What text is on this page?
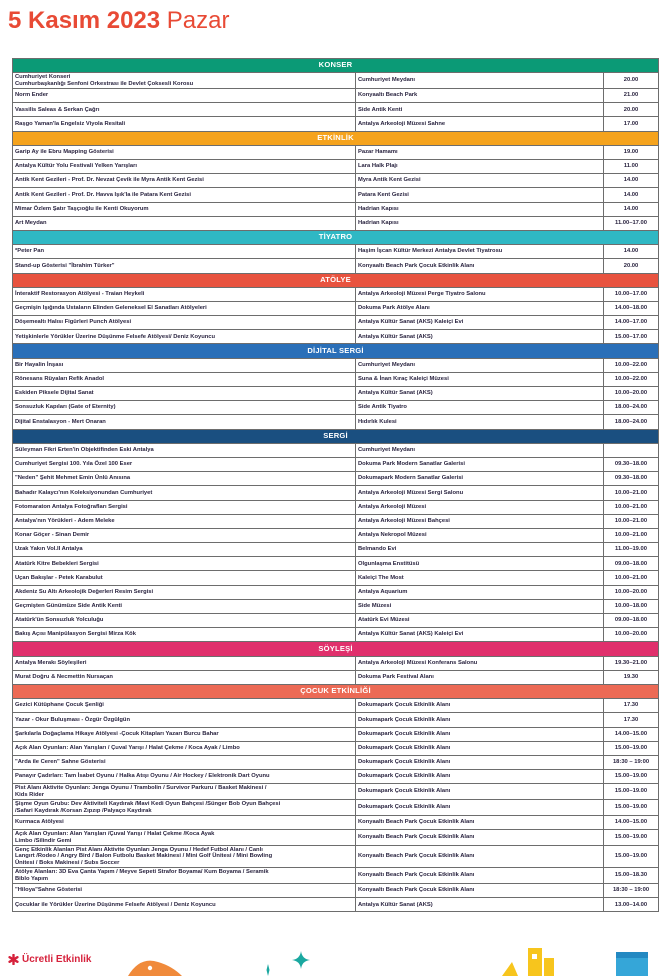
5 Kasım 2023 Pazar
KONSER		

Cumhuriyet Konseri
Cumhurbaşkanlığı Senfoni Orkestrası ile Devlet Çoksesli Korosu	Cumhuriyet Meydanı	20.00

Norm Ender	Konyaaltı Beach Park	21.00

Vassilis Saleas & Serkan Çağrı	Side Antik Kenti	20.00

Rașgo Yaman'la Engelsiz Viyola Resitali	Antalya Arkeoloji Müzesi Sahne	17.00
ETKİNLİK		

Garip Ay ile Ebru Mapping Gösterisi	Pazar Hamamı	19.00

Antalya Kültür Yolu Festivali Yelken Yarışları	Lara Halk Plajı	11.00

Antik Kent Gezileri - Prof. Dr. Nevzat Çevik ile Myra Antik Kent Gezisi	Myra Antik Kent Gezisi	14.00

Antik Kent Gezileri - Prof. Dr. Havva Işık'la ile Patara Kent Gezisi	Patara Kent Gezisi	14.00

Mimar Özlem Şatır Taşçıoğlu ile Kenti Okuyorum	Hadrian Kapısı	14.00

Art Meydan	Hadrian Kapısı	11.00–17.00
TİYATRO		

*Peter Pan	Haşim İşcan Kültür Merkezi Antalya Devlet Tiyatrosu	14.00

Stand-up Gösterisi "İbrahim Türker"	Konyaaltı Beach Park Çocuk Etkinlik Alanı	20.00
ATÖLYE		

İnteraktif Restorasyon Atölyesi - Traian Heykeli	Antalya Arkeoloji Müzesi Perge Tiyatro Salonu	10.00–17.00

Geçmişin Işığında Ustaların Elinden Geleneksel El Sanatları Atölyeleri	Dokuma Park Atölye Alanı	14.00–18.00

Döşemealtı Halısı Figürleri Punch Atölyesi	Antalya Kültür Sanat (AKS) Kaleiçi Evi	14.00–17.00

Yetişkinlerle Yörükler Üzerine Düşünme Felsefe Atölyesi/ Deniz Koyuncu	Antalya Kültür Sanat (AKS)	15.00–17.00
DİJİTAL SERGİ		

Bir Hayalin İnşası	Cumhuriyet Meydanı	10.00–22.00

Rönesans Rüyaları Refik Anadol	Suna & İnan Kıraç Kaleiçi Müzesi	10.00–22.00

Eskiden Piksele Dijital Sanat	Antalya Kültür Sanat (AKS)	10.00–20.00

Sonsuzluk Kapıları (Gate of Eternity)	Side Antik Tiyatro	18.00–24.00

Dijital Enstalasyon - Mert Onaran	Hıdırlık Kulesi	18.00–24.00
SERGİ		

Süleyman Fikri Erten'in Objektifinden Eski Antalya	Cumhuriyet Meydanı	

Cumhuriyet Sergisi 100. Yıla Özel 100 Eser	Dokuma Park Modern Sanatlar Galerisi	09.30–18.00

"Neden" Şehit Mehmet Emin Ünlü Anısına	Dokumapark Modern Sanatlar Galerisi	09.30–18.00

Bahadır Kalaycı'nın Koleksiyonundan Cumhuriyet	Antalya Arkeoloji Müzesi Sergi Salonu	10.00–21.00

Fotomaraton Antalya Fotoğrafları Sergisi	Antalya Arkeoloji Müzesi	10.00–21.00

Antalya'nın Yörükleri - Adem Meleke	Antalya Arkeoloji Müzesi Bahçesi	10.00–21.00

Konar Göçer - Sinan Demir	Antalya Nekropol Müzesi	10.00–21.00

Uzak Yakın Vol.II Antalya	Belmando Evi	11.00–19.00

Atatürk Kitre Bebekleri Sergisi	Olgunlaşma Enstitüsü	09.00–18.00

Uçan Bakışlar - Petek Karabulut	Kaleiçi The Most	10.00–21.00

Akdeniz Su Altı Arkeolojik Değerleri Resim Sergisi	Antalya Aquarium	10.00–20.00

Geçmişten Günümüze Side Antik Kenti	Side Müzesi	10.00–18.00

Atatürk'ün Sonsuzluk Yolculuğu	Atatürk Evi Müzesi	09.00–18.00

Bakış Açısı Manipülasyon Sergisi Mirza Kök	Antalya Kültür Sanat (AKS) Kaleiçi Evi	10.00–20.00
SÖYLEŞİ		

Antalya Merakı Söyleşileri	Antalya Arkeoloji Müzesi Konferans Salonu	19.30–21.00

Murat Doğru & Necmettin Nursaçan	Dokuma Park Festival Alanı	19.30
ÇOCUK ETKİNLİĞİ		

Gezici Kütüphane Çocuk Şenliği	Dokumapark Çocuk Etkinlik Alanı	17.30

Yazar - Okur Buluşması - Özgür Özgülgün	Dokumapark Çocuk Etkinlik Alanı	17.30

Şarkılarla Doğaçlama Hikaye Atölyesi -Çocuk Kitapları Yazarı Burcu Bahar	Dokumapark Çocuk Etkinlik Alanı	14.00–15.00

Açık Alan Oyunları: Alan Yarışları / Çuval Yarışı / Halat Çekme / Koca Ayak / Limbo	Dokumapark Çocuk Etkinlik Alanı	15.00–19.00

"Arda ile Ceren" Sahne Gösterisi	Dokumapark Çocuk Etkinlik Alanı	18:30 – 19:00

Panayır Çadırları: Tam İsabet Oyunu / Halka Atışı Oyunu / Air Hockey / Elektronik Dart Oyunu	Dokumapark Çocuk Etkinlik Alanı	15.00–19.00

Pist Alanı Aktivite Oyunları: Jenga Oyunu / Trambolin / Survivor Parkuru / Basket Makinesi /
Kids Rider	Dokumapark Çocuk Etkinlik Alanı	15.00–19.00

Şişme Oyun Grubu: Dev Aktiviteli Kaydırak /Mavi Kedi Oyun Bahçesi /Sünger Bob Oyun Bahçesi
/Safari Kaydırak /Korsan Zıpzıp /Palyaço Kaydırak	Dokumapark Çocuk Etkinlik Alanı	15.00–19.00

Kurmaca Atölyesi	Konyaaltı Beach Park Çocuk Etkinlik Alanı	14.00–15.00

Açık Alan Oyunları: Alan Yarışları /Çuval Yarışı / Halat Çekme /Koca Ayak
Limbo /Silindir Gemi	Konyaaltı Beach Park Çocuk Etkinlik Alanı	15.00–19.00

Genç Etkinlik Alanları Pist Alanı Aktivite Oyunları Jenga Oyunu / Hedef Futbol Alanı / Canlı
Langırt /Rodeo / Angry Bird / Balon Futbolu Basket Makinesi / Mini Golf Ünitesi / Mini Bowling
Ünitesi / Boks Makinesi / Subs Soccer	Konyaaltı Beach Park Çocuk Etkinlik Alanı	15.00–19.00

Atölye Alanları: 3D Eva Çanta Yapım / Meyve Sepeti Strafor Boyama/ Kum Boyama / Seramik
Biblo Yapım	Konyaaltı Beach Park Çocuk Etkinlik Alanı	15.00–18.30

"Hiloya"Sahne Gösterisi	Konyaaltı Beach Park Çocuk Etkinlik Alanı	18:30 – 19:00

Çocuklar ile Yörükler Üzerine Düşünme Felsefe Atölyesi / Deniz Koyuncu	Antalya Kültür Sanat (AKS)	13.00–14.00
Ücretli Etkinlik
